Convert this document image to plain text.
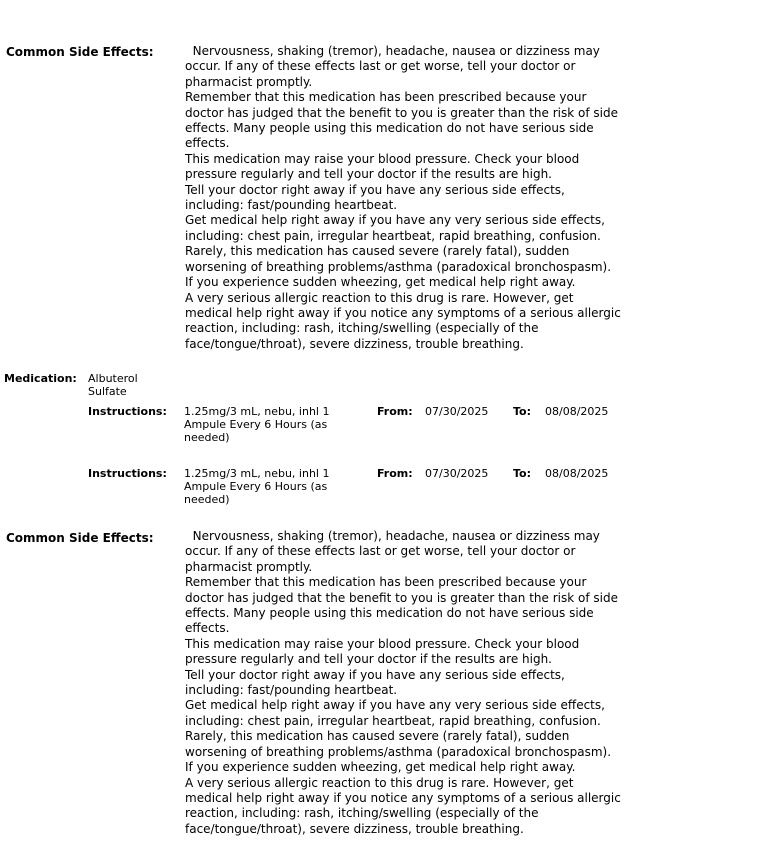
Common Side Effects:	Nervousness, shaking (tremor), headache, nausea or dizziness may

occur. If any of these effects last or get worse, tell your doctor or

pharmacist promptly.

Remember that this medication has been prescribed because your

doctor has judged that the benefit to you is greater than the risk of side

effects. Many people using this medication do not have serious side

effects.

This medication may raise your blood pressure. Check your blood

pressure regularly and tell your doctor if the results are high.

Tell your doctor right away if you have any serious side effects,

including: fast/pounding heartbeat.

Get medical help right away if you have any very serious side effects,

including: chest pain, irregular heartbeat, rapid breathing, confusion.

Rarely, this medication has caused severe (rarely fatal), sudden

worsening of breathing problems/asthma (paradoxical bronchospasm).

If you experience sudden wheezing, get medical help right away.

A very serious allergic reaction to this drug is rare. However, get

medical help right away if you notice any symptoms of a serious allergic

reaction, including: rash, itching/swelling (especially of the

face/tongue/throat), severe dizziness, trouble breathing.

Medication: Albuterol
Sulfate
Instructions: 1.25mg/3 mL, nebu, inhl 1
Ampule Every 6 Hours (as
needed)
From: 07/30/2025 To: 08/08/2025
Instructions: 1.25mg/3 mL, nebu, inhl 1
Ampule Every 6 Hours (as
needed)
From: 07/30/2025 To: 08/08/2025
Common Side Effects:	Nervousness, shaking (tremor), headache, nausea or dizziness may

occur. If any of these effects last or get worse, tell your doctor or

pharmacist promptly.

Remember that this medication has been prescribed because your

doctor has judged that the benefit to you is greater than the risk of side

effects. Many people using this medication do not have serious side

effects.

This medication may raise your blood pressure. Check your blood

pressure regularly and tell your doctor if the results are high.

Tell your doctor right away if you have any serious side effects,

including: fast/pounding heartbeat.

Get medical help right away if you have any very serious side effects,

including: chest pain, irregular heartbeat, rapid breathing, confusion.

Rarely, this medication has caused severe (rarely fatal), sudden

worsening of breathing problems/asthma (paradoxical bronchospasm).

If you experience sudden wheezing, get medical help right away.

A very serious allergic reaction to this drug is rare. However, get

medical help right away if you notice any symptoms of a serious allergic

reaction, including: rash, itching/swelling (especially of the

face/tongue/throat), severe dizziness, trouble breathing.
